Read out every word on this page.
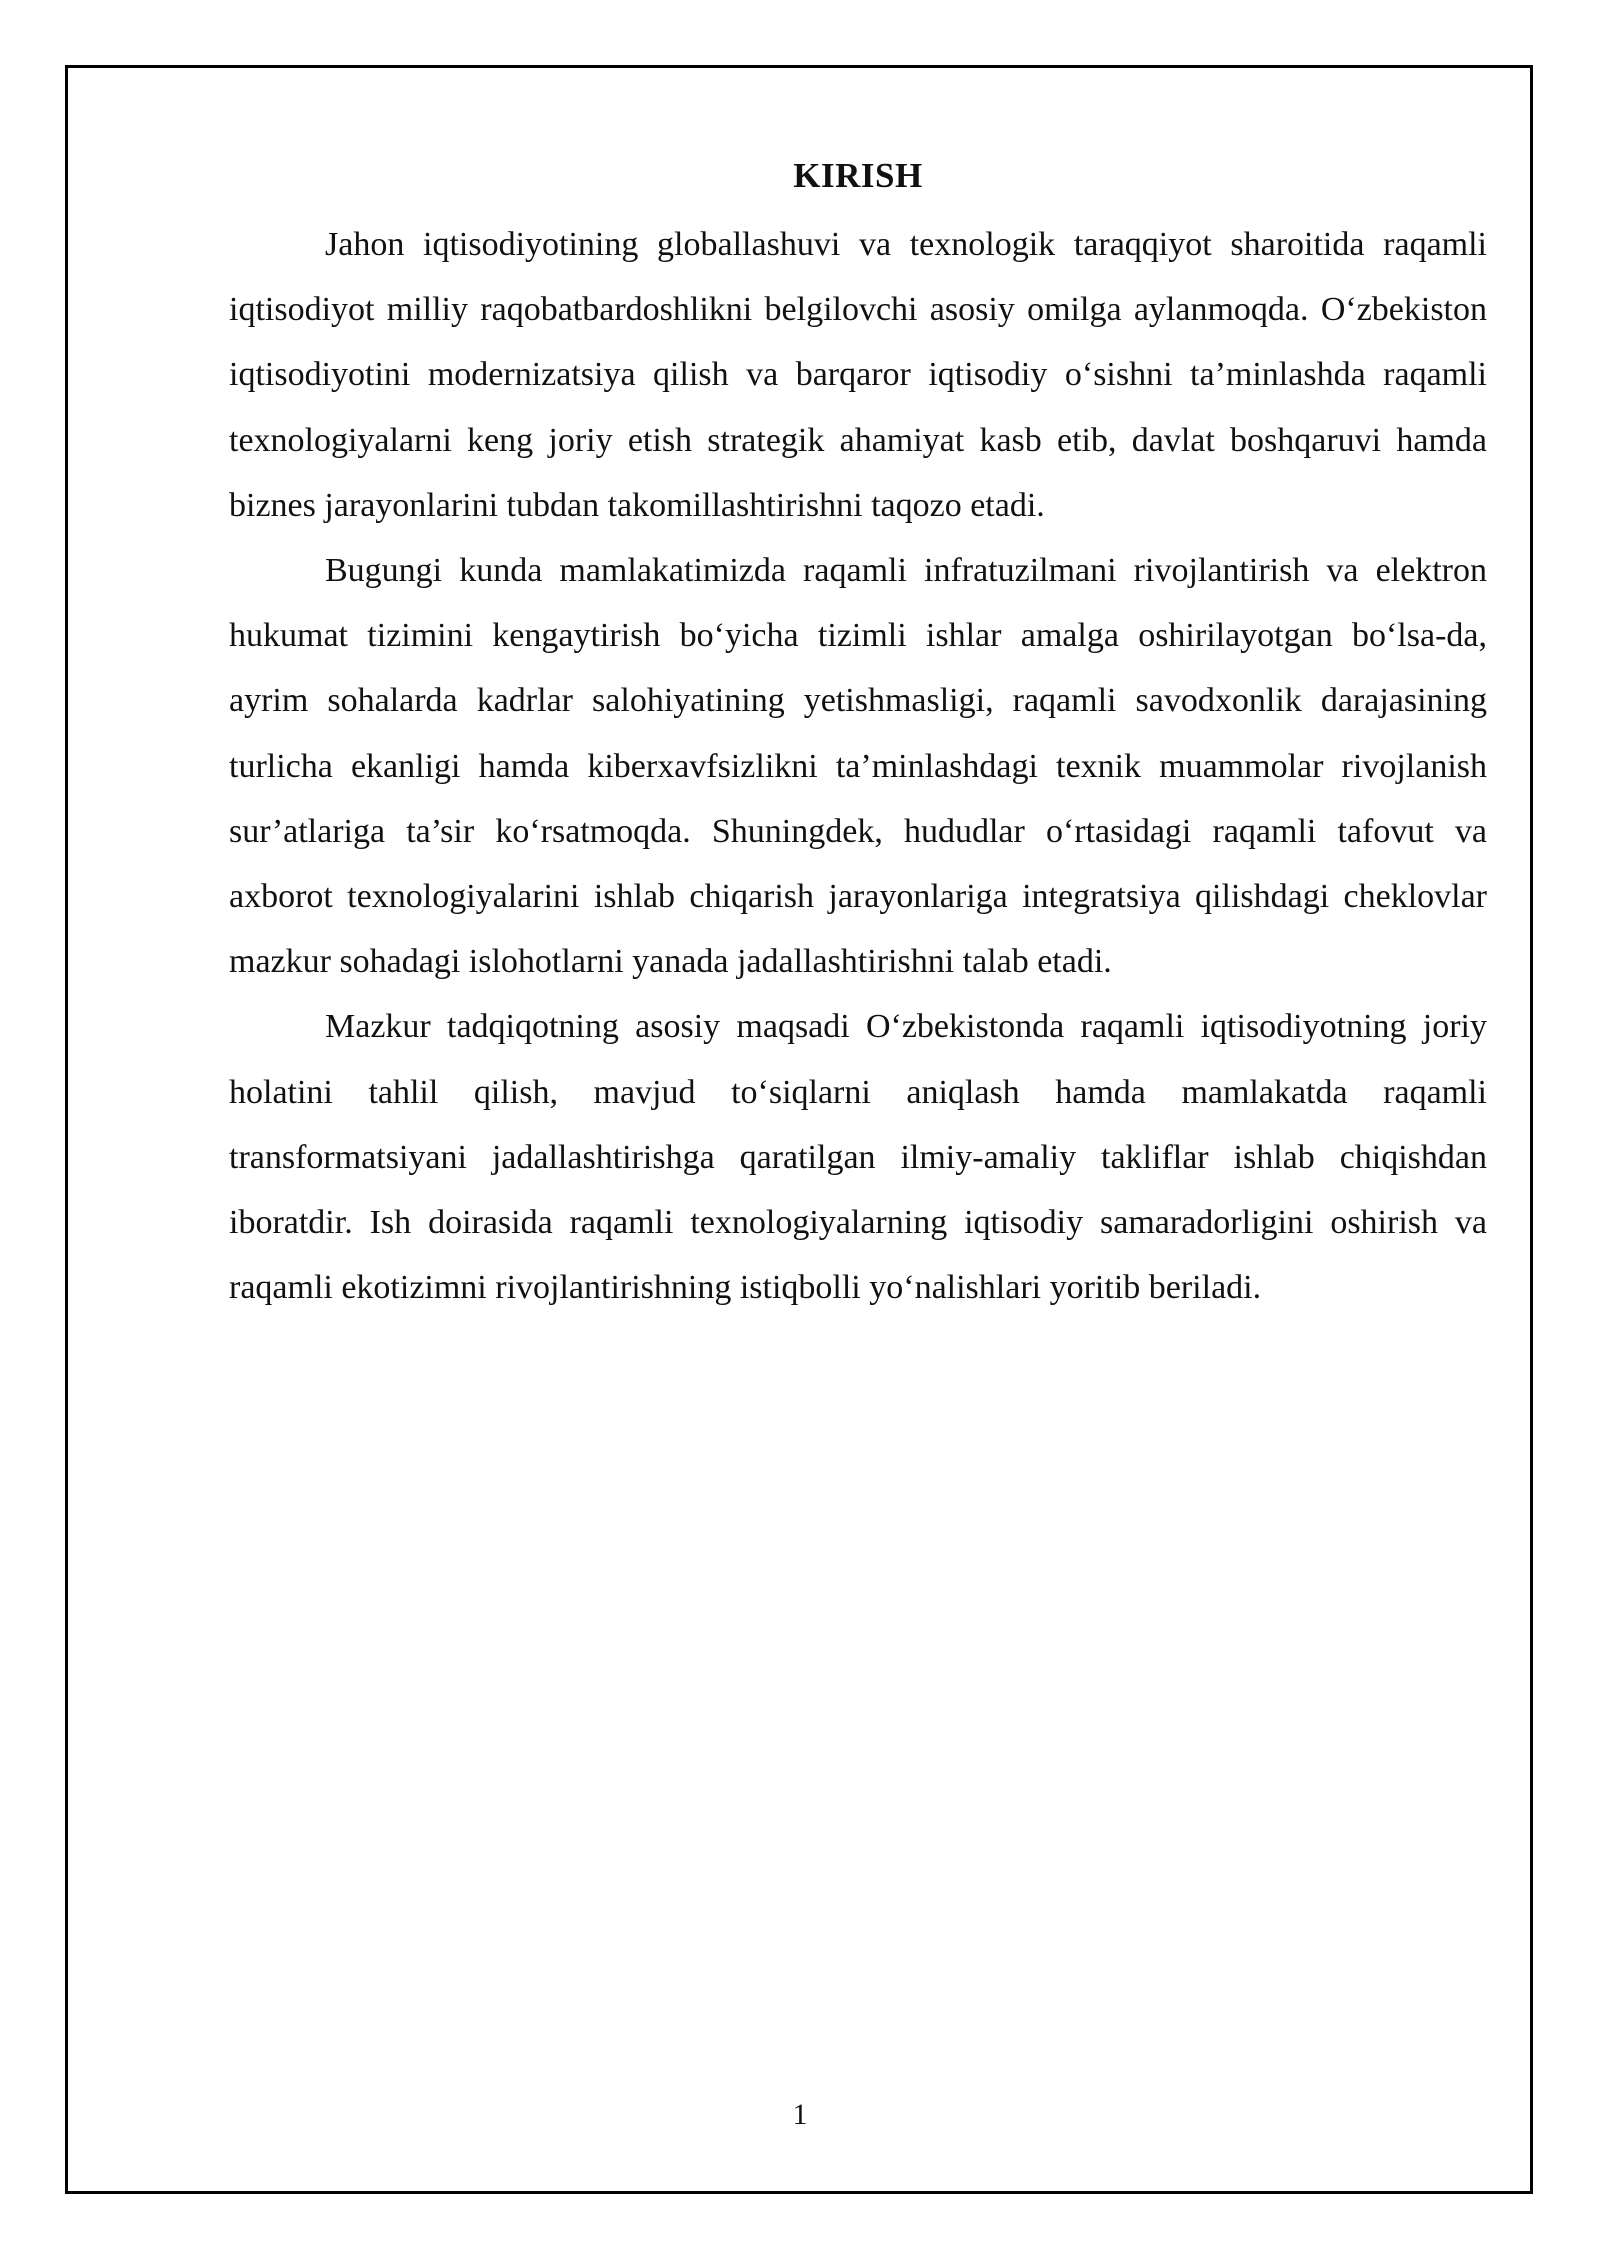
KIRISH

Jahon iqtisodiyotining globallashuvi va texnologik taraqqiyot sharoitida raqamli iqtisodiyot milliy raqobatbardoshlikni belgilovchi asosiy omilga aylanmoqda. O‘zbekiston iqtisodiyotini modernizatsiya qilish va barqaror iqtisodiy o‘sishni ta’minlashda raqamli texnologiyalarni keng joriy etish strategik ahamiyat kasb etib, davlat boshqaruvi hamda biznes jarayonlarini tubdan takomillashtirishni taqozo etadi.

Bugungi kunda mamlakatimizda raqamli infratuzilmani rivojlantirish va elektron hukumat tizimini kengaytirish bo‘yicha tizimli ishlar amalga oshirilayotgan bo‘lsa-da, ayrim sohalarda kadrlar salohiyatining yetishmasligi, raqamli savodxonlik darajasining turlicha ekanligi hamda kiberxavfsizlikni ta’minlashdagi texnik muammolar rivojlanish sur’atlariga ta’sir ko‘rsatmoqda. Shuningdek, hududlar o‘rtasidagi raqamli tafovut va axborot texnologiyalarini ishlab chiqarish jarayonlariga integratsiya qilishdagi cheklovlar mazkur sohadagi islohotlarni yanada jadallashtirishni talab etadi.

Mazkur tadqiqotning asosiy maqsadi O‘zbekistonda raqamli iqtisodiyotning joriy holatini tahlil qilish, mavjud to‘siqlarni aniqlash hamda mamlakatda raqamli transformatsiyani jadallashtirishga qaratilgan ilmiy-amaliy takliflar ishlab chiqishdan iboratdir. Ish doirasida raqamli texnologiyalarning iqtisodiy samaradorligini oshirish va raqamli ekotizimni rivojlantirishning istiqbolli yo‘nalishlari yoritib beriladi.

1
